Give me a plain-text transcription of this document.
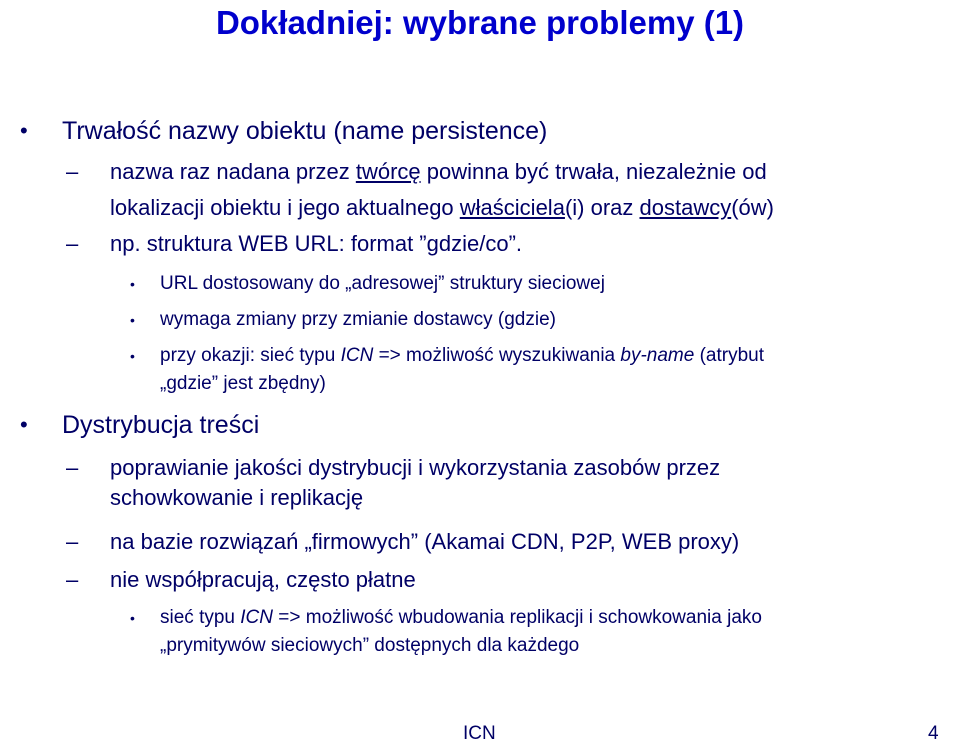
Dokładniej: wybrane problemy (1)
• Trwałość nazwy obiektu (name persistence)
– nazwa raz nadana przez twórcę powinna być trwała, niezależnie od
lokalizacji obiektu i jego aktualnego właściciela(i) oraz dostawcy(ów)
– np. struktura WEB URL: format ”gdzie/co”.
• URL dostosowany do „adresowej” struktury sieciowej
• wymaga zmiany przy zmianie dostawcy (gdzie)
• przy okazji: sieć typu ICN => możliwość wyszukiwania by-name (atrybut
„gdzie” jest zbędny)
• Dystrybucja treści
– poprawianie jakości dystrybucji i wykorzystania zasobów przez
schowkowanie i replikację
– na bazie rozwiązań „firmowych” (Akamai CDN, P2P, WEB proxy)
– nie współpracują, często płatne
• sieć typu ICN => możliwość wbudowania replikacji i schowkowania jako
„prymitywów sieciowych” dostępnych dla każdego
ICN	4
